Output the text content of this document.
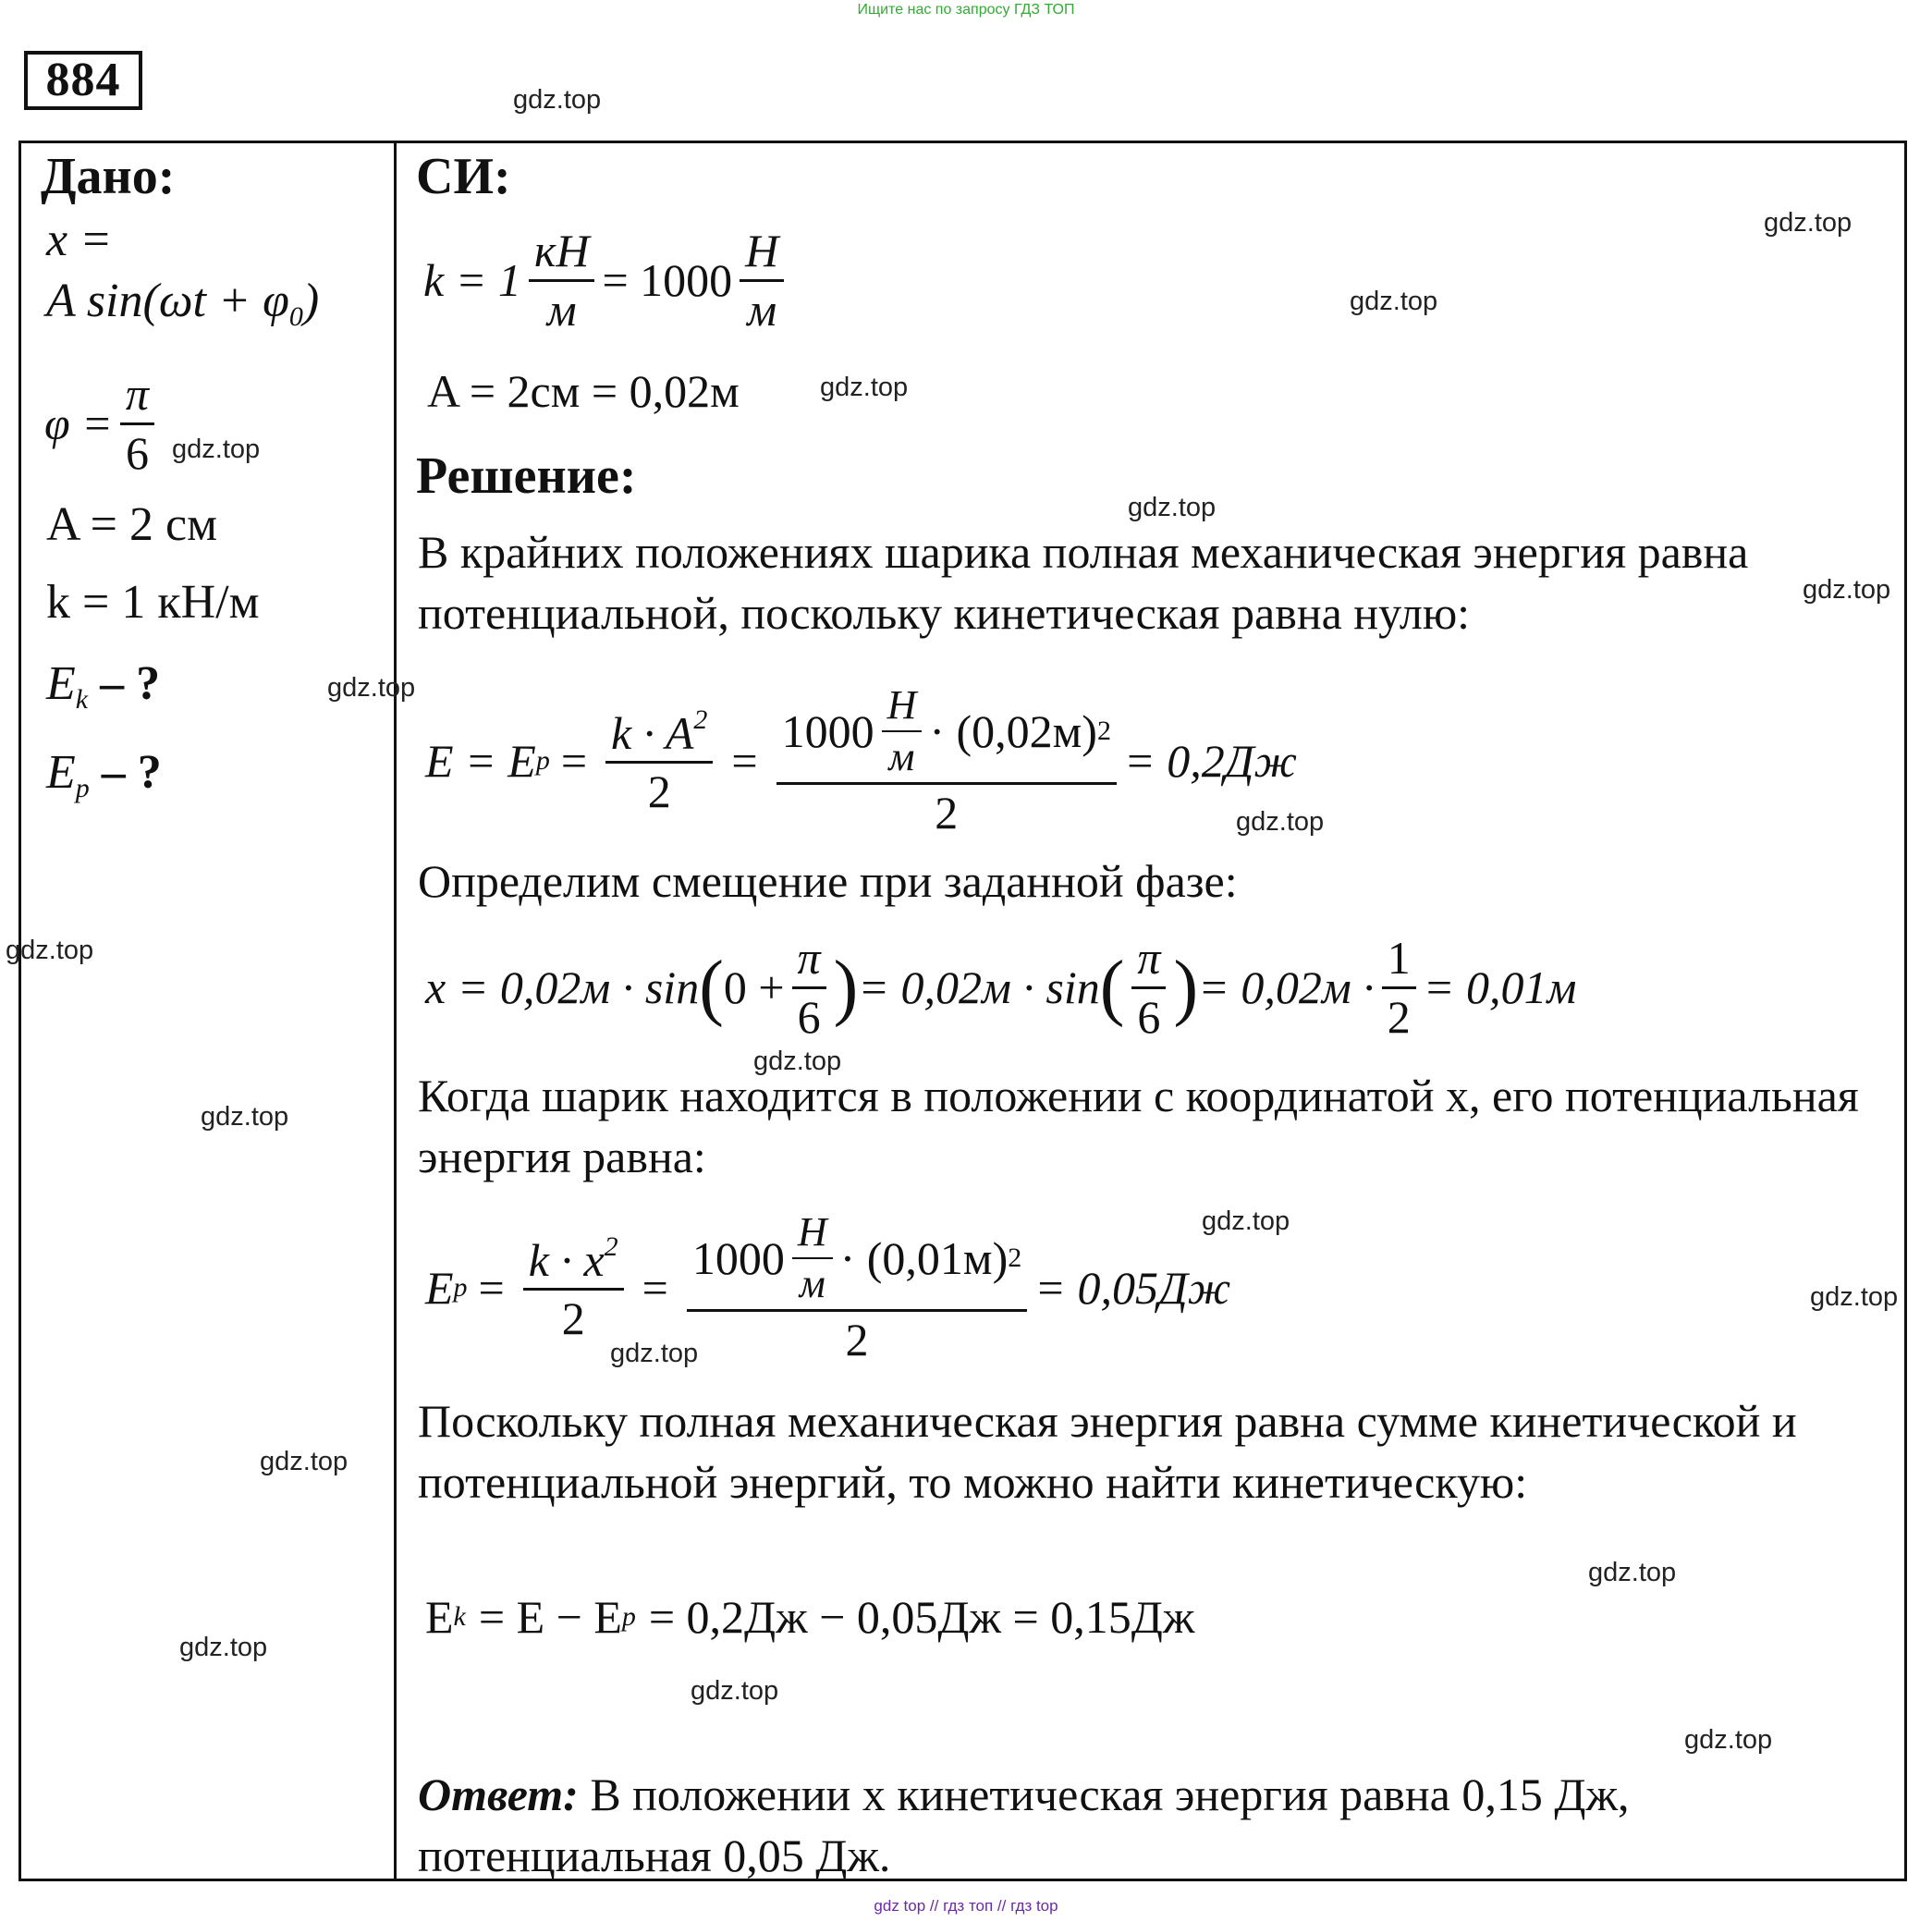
Ищите нас по запросу ГДЗ ТОП
884
Дано:
x =
A $\sin(\omega t + \varphi_0)$
$\varphi = \frac{\pi}{6}$
A = 2 см
k = 1 кН/м
$E_k$ – ?
$E_p$ – ?
СИ:
$k = 1 \frac{кН}{м} = 1000 \frac{Н}{м}$
A = 2см = 0,02м
Решение:
В крайних положениях шарика полная механическая энергия равна потенциальной, поскольку кинетическая равна нулю:
E = E $p = \frac{k \cdot A^2}{2} = \frac{1000 \frac{Н}{м} \cdot (0,02м) 2}{2} = 0,2Дж$
Определим смещение при заданной фазе:
x = 0,02м · sin ( $0 + \frac{\pi}{6}$ ) = 0,02м · sin ( $\frac{\pi}{6}$ ) = $0,02м \cdot \frac{1}{2} = 0,01м$
Когда шарик находится в положении с координатой х, его потенциальная энергия равна:
E $p = \frac{k \cdot x^2}{2} = \frac{1000 \frac{Н}{м} \cdot (0,01м) 2}{2} = 0,05Дж$
Поскольку полная механическая энергия равна сумме кинетической и потенциальной энергий, то можно найти кинетическую:
E k = E − E p = 0,2Дж − 0,05Дж = 0,15Дж
Ответ: В положении х кинетическая энергия равна 0,15 Дж, потенциальная 0,05 Дж.
gdz.top
gdz.top
gdz.top
gdz.top
gdz.top
gdz.top
gdz.top
gdz.top
gdz.top
gdz.top
gdz.top
gdz.top
gdz.top
gdz.top
gdz.top
gdz.top
gdz.top
gdz.top
gdz.top
gdz.top
gdz top // гдз топ // гдз top
